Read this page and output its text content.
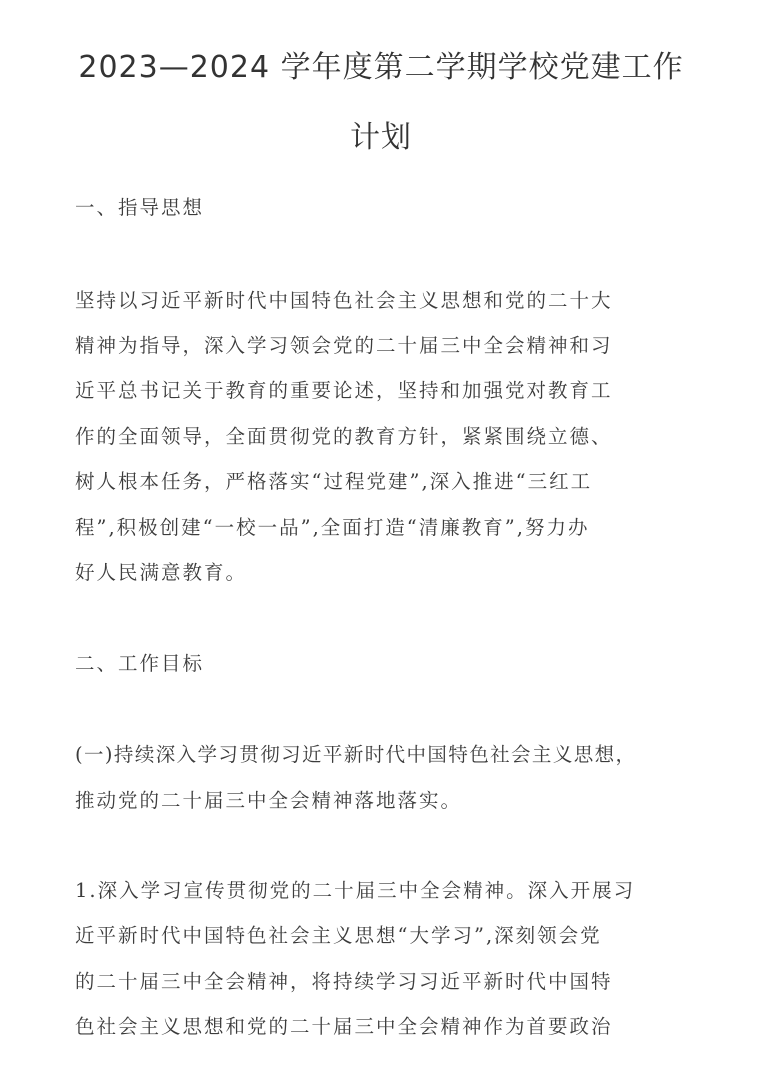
2023—2024 学年度第二学期学校党建工作
计划
一、指导思想
坚持以习近平新时代中国特色社会主义思想和党的二十大
精神为指导，深入学习领会党的二十届三中全会精神和习
近平总书记关于教育的重要论述，坚持和加强党对教育工
作的全面领导，全面贯彻党的教育方针，紧紧围绕立德、
树人根本任务，严格落实“过程党建”,深入推进“三红工
程”,积极创建“一校一品”,全面打造“清廉教育”,努力办
好人民满意教育。
二、工作目标
(一)持续深入学习贯彻习近平新时代中国特色社会主义思想，
推动党的二十届三中全会精神落地落实。
1.深入学习宣传贯彻党的二十届三中全会精神。深入开展习
近平新时代中国特色社会主义思想“大学习”,深刻领会党
的二十届三中全会精神，将持续学习习近平新时代中国特
色社会主义思想和党的二十届三中全会精神作为首要政治
